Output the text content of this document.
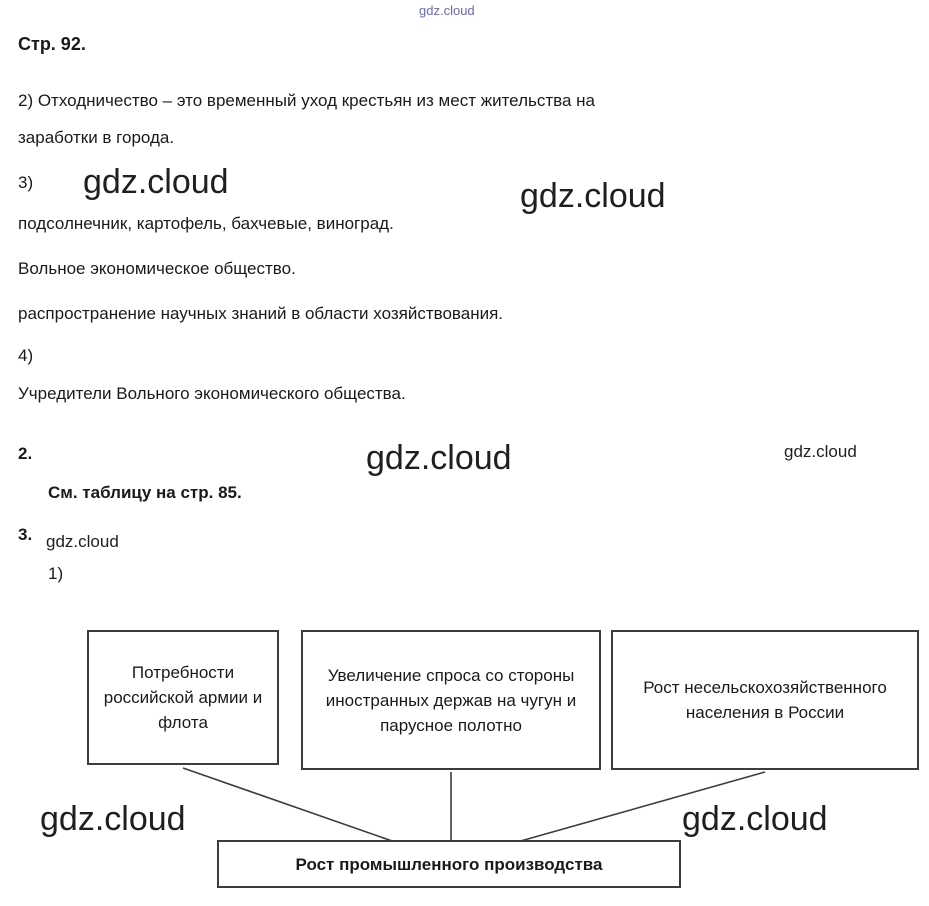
gdz.cloud
gdz.cloud	gdz.cloud
gdz.cloud	gdz.cloud
gdz.cloud
Стр. 92.
2) Отходничество – это временный уход крестьян из мест жительства на
заработки в города.
3)
подсолнечник, картофель, бахчевые, виноград.
Вольное экономическое общество.
распространение научных знаний в области хозяйствования.
4)
Учредители Вольного экономического общества.
2.
См. таблицу на стр. 85.
3.
1)
Потребности российской армии и флота
Увеличение спроса со стороны иностранных держав на чугун и парусное полотно
Рост несельскохозяйственного населения в России
Рост промышленного производства
gdz.cloud	gdz.cloud
